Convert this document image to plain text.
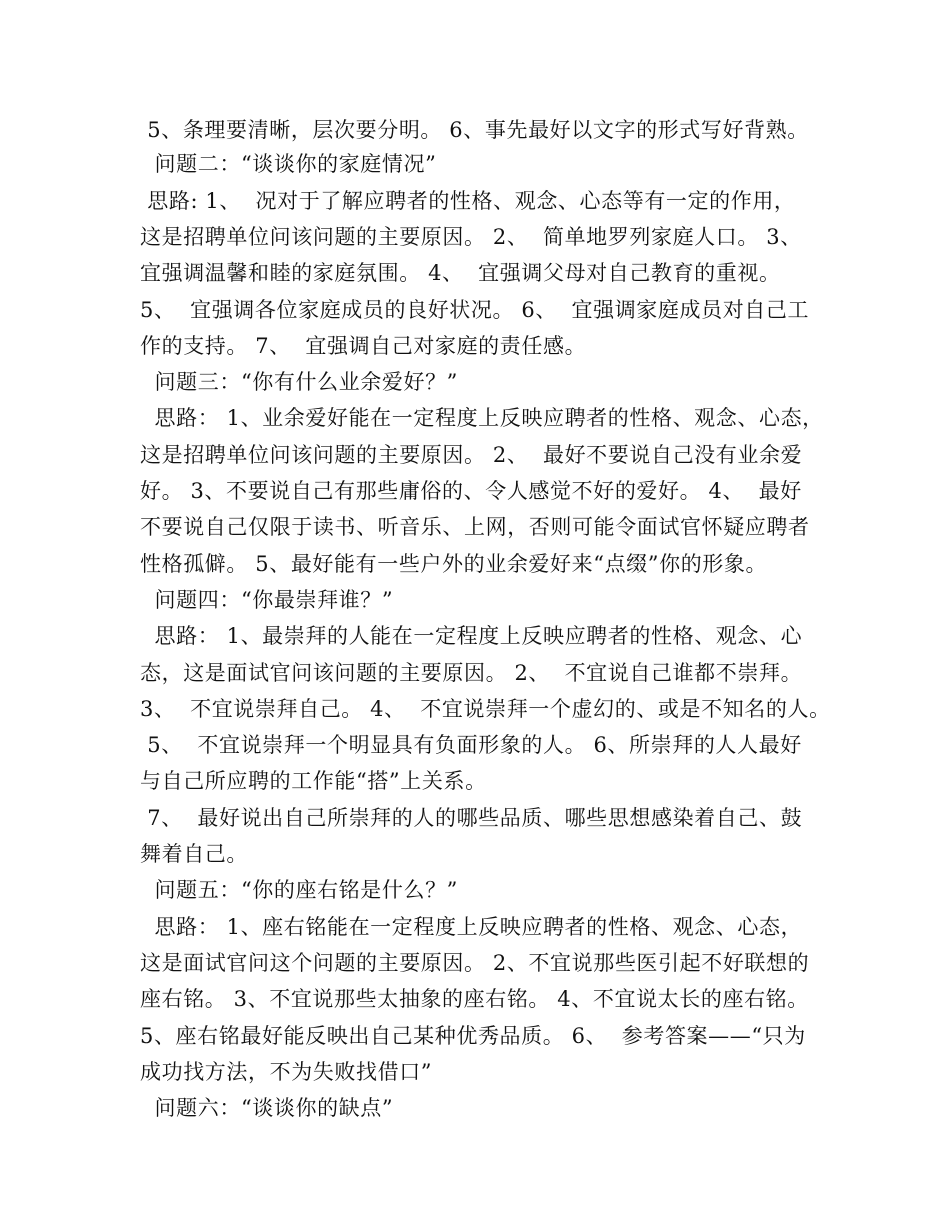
5、条理要清晰，层次要分明。 6、事先最好以文字的形式写好背熟。
问题二：“谈谈你的家庭情况”
思路: 1、  况对于了解应聘者的性格、观念、心态等有一定的作用，
这是招聘单位问该问题的主要原因。 2、  简单地罗列家庭人口。 3、
宜强调温馨和睦的家庭氛围。 4、  宜强调父母对自己教育的重视。
5、  宜强调各位家庭成员的良好状况。 6、  宜强调家庭成员对自己工
作的支持。 7、  宜强调自己对家庭的责任感。
问题三：“你有什么业余爱好？”
思路： 1、业余爱好能在一定程度上反映应聘者的性格、观念、心态，
这是招聘单位问该问题的主要原因。 2、  最好不要说自己没有业余爱
好。 3、不要说自己有那些庸俗的、令人感觉不好的爱好。 4、  最好
不要说自己仅限于读书、听音乐、上网，否则可能令面试官怀疑应聘者
性格孤僻。 5、最好能有一些户外的业余爱好来“点缀”你的形象。
问题四：“你最崇拜谁？”
思路： 1、最崇拜的人能在一定程度上反映应聘者的性格、观念、心
态，这是面试官问该问题的主要原因。 2、  不宜说自己谁都不崇拜。
3、  不宜说崇拜自己。 4、  不宜说崇拜一个虚幻的、或是不知名的人。
5、  不宜说崇拜一个明显具有负面形象的人。 6、所崇拜的人人最好
与自己所应聘的工作能“搭”上关系。
7、  最好说出自己所崇拜的人的哪些品质、哪些思想感染着自己、鼓
舞着自己。
问题五：“你的座右铭是什么？”
思路： 1、座右铭能在一定程度上反映应聘者的性格、观念、心态，
这是面试官问这个问题的主要原因。 2、不宜说那些医引起不好联想的
座右铭。 3、不宜说那些太抽象的座右铭。 4、不宜说太长的座右铭。
5、座右铭最好能反映出自己某种优秀品质。 6、  参考答案——“只为
成功找方法，不为失败找借口”
问题六：“谈谈你的缺点”
